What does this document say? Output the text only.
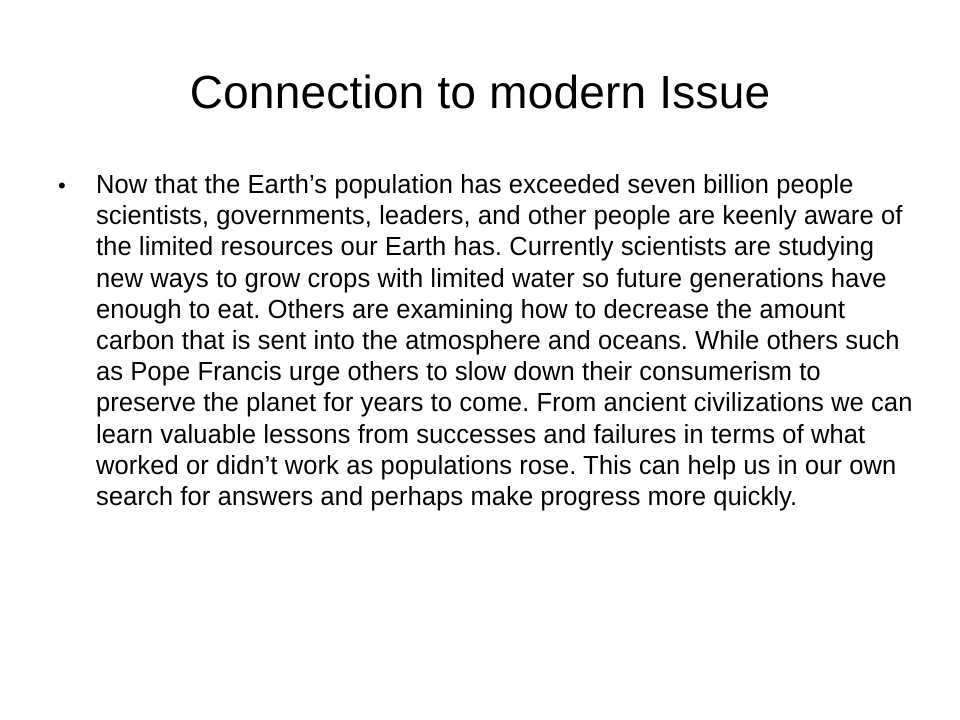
Connection to modern Issue
•	Now that the Earth’s population has exceeded seven billion people scientists, governments, leaders, and other people are keenly aware of the limited resources our Earth has. Currently scientists are studying new ways to grow crops with limited water so future generations have enough to eat. Others are examining how to decrease the amount carbon that is sent into the atmosphere and oceans. While others such as Pope Francis urge others to slow down their consumerism to preserve the planet for years to come. From ancient civilizations we can learn valuable lessons from successes and failures in terms of what worked or didn’t work as populations rose. This can help us in our own search for answers and perhaps make progress more quickly.
